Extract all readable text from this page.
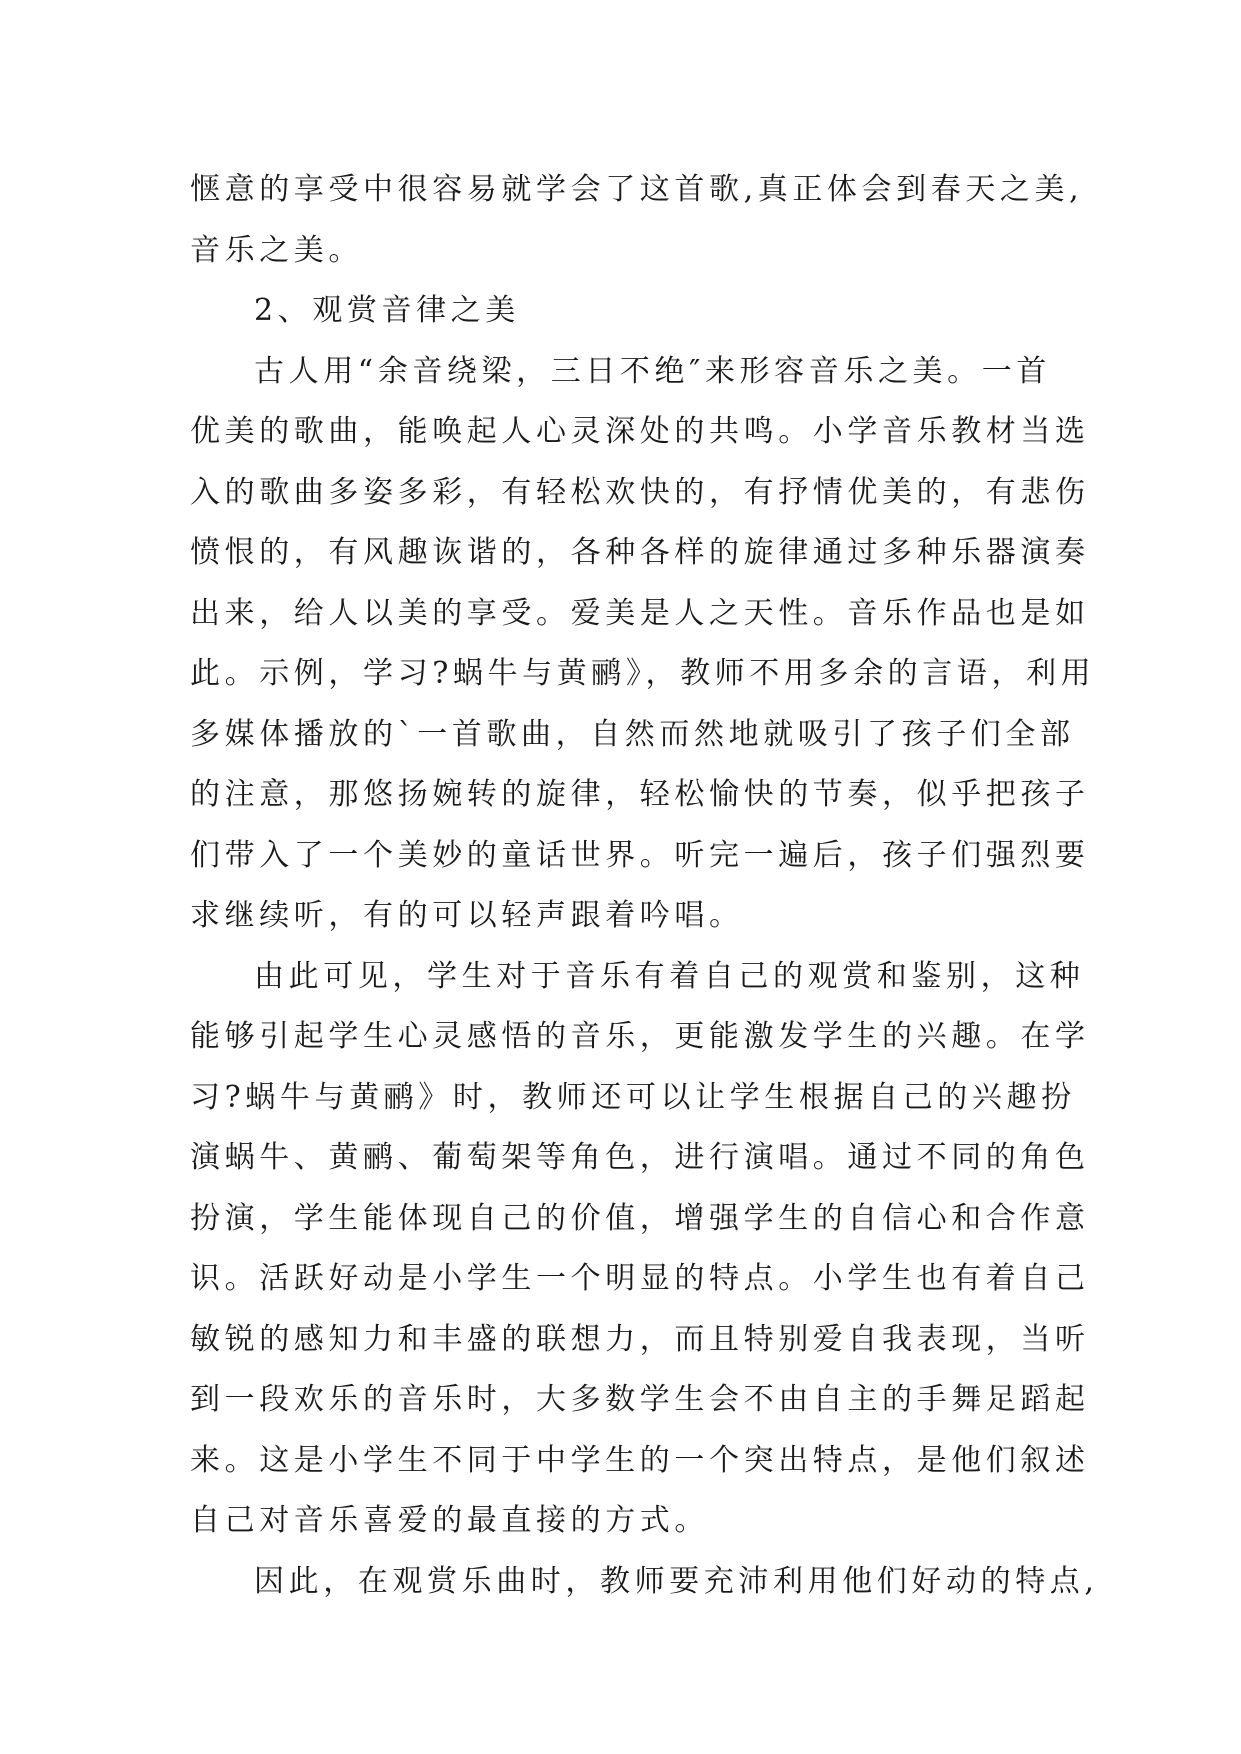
惬意的享受中很容易就学会了这首歌,真正体会到春天之美,
音乐之美。
2、观赏音律之美
古人用“余音绕梁，三日不绝″来形容音乐之美。一首
优美的歌曲，能唤起人心灵深处的共鸣。小学音乐教材当选
入的歌曲多姿多彩，有轻松欢快的，有抒情优美的，有悲伤
愤恨的，有风趣诙谐的，各种各样的旋律通过多种乐器演奏
出来，给人以美的享受。爱美是人之天性。音乐作品也是如
此。示例，学习?蜗牛与黄鹂》，教师不用多余的言语，利用
多媒体播放的`一首歌曲，自然而然地就吸引了孩子们全部
的注意，那悠扬婉转的旋律，轻松愉快的节奏，似乎把孩子
们带入了一个美妙的童话世界。听完一遍后，孩子们强烈要
求继续听，有的可以轻声跟着吟唱。
由此可见，学生对于音乐有着自己的观赏和鉴别，这种
能够引起学生心灵感悟的音乐，更能激发学生的兴趣。在学
习?蜗牛与黄鹂》时，教师还可以让学生根据自己的兴趣扮
演蜗牛、黄鹂、葡萄架等角色，进行演唱。通过不同的角色
扮演，学生能体现自己的价值，增强学生的自信心和合作意
识。活跃好动是小学生一个明显的特点。小学生也有着自己
敏锐的感知力和丰盛的联想力，而且特别爱自我表现，当听
到一段欢乐的音乐时，大多数学生会不由自主的手舞足蹈起
来。这是小学生不同于中学生的一个突出特点，是他们叙述
自己对音乐喜爱的最直接的方式。
因此，在观赏乐曲时，教师要充沛利用他们好动的特点,
